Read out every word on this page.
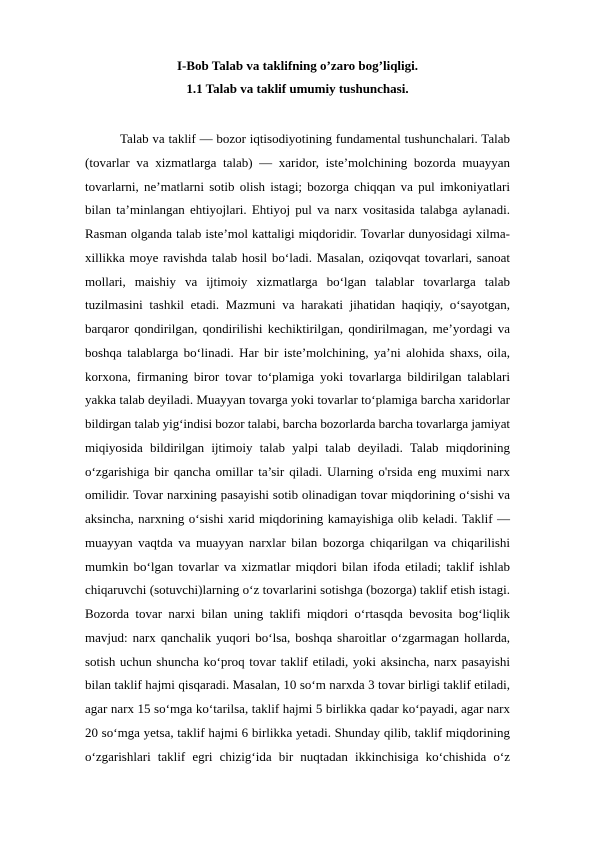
I-Bob Talab va taklifning o’zaro bog’liqligi.
1.1 Talab va taklif umumiy tushunchasi.
Talab va taklif — bozor iqtisodiyotining fundamental tushunchalari. Talab
(tovarlar va xizmatlarga talab) — xaridor, iste’molchining bozorda muayyan
tovarlarni, ne’matlarni sotib olish istagi; bozorga chiqqan va pul imkoniyatlari
bilan ta’minlangan ehtiyojlari. Ehtiyoj pul va narx vositasida talabga aylanadi.
Rasman olganda talab iste’mol kattaligi miqdoridir. Tovarlar dunyosidagi xilma-
xillikka moye ravishda talab hosil boʻladi. Masalan, oziqovqat tovarlari, sanoat
mollari, maishiy va ijtimoiy xizmatlarga boʻlgan talablar tovarlarga talab
tuzilmasini tashkil etadi. Mazmuni va harakati jihatidan haqiqiy, oʻsayotgan,
barqaror qondirilgan, qondirilishi kechiktirilgan, qondirilmagan, me’yordagi va
boshqa talablarga boʻlinadi. Har bir iste’molchining, ya’ni alohida shaxs, oila,
korxona, firmaning biror tovar toʻplamiga yoki tovarlarga bildirilgan talablari
yakka talab deyiladi. Muayyan tovarga yoki tovarlar toʻplamiga barcha xaridorlar
bildirgan talab yigʻindisi bozor talabi, barcha bozorlarda barcha tovarlarga jamiyat
miqiyosida bildirilgan ijtimoiy talab yalpi talab deyiladi. Talab miqdorining
oʻzgarishiga bir qancha omillar ta’sir qiladi. Ularning o'rsida eng muximi narx
omilidir. Tovar narxining pasayishi sotib olinadigan tovar miqdorining oʻsishi va
aksincha, narxning oʻsishi xarid miqdorining kamayishiga olib keladi. Taklif —
muayyan vaqtda va muayyan narxlar bilan bozorga chiqarilgan va chiqarilishi
mumkin boʻlgan tovarlar va xizmatlar miqdori bilan ifoda etiladi; taklif ishlab
chiqaruvchi (sotuvchi)larning oʻz tovarlarini sotishga (bozorga) taklif etish istagi.
Bozorda tovar narxi bilan uning taklifi miqdori oʻrtasqda bevosita bogʻliqlik
mavjud: narx qanchalik yuqori boʻlsa, boshqa sharoitlar oʻzgarmagan hollarda,
sotish uchun shuncha koʻproq tovar taklif etiladi, yoki aksincha, narx pasayishi
bilan taklif hajmi qisqaradi. Masalan, 10 soʻm narxda 3 tovar birligi taklif etiladi,
agar narx 15 soʻmga koʻtarilsa, taklif hajmi 5 birlikka qadar koʻpayadi, agar narx
20 so‘mga yetsa, taklif hajmi 6 birlikka yetadi. Shunday qilib, taklif miqdorining
oʻzgarishlari taklif egri chizigʻida bir nuqtadan ikkinchisiga koʻchishida oʻz
